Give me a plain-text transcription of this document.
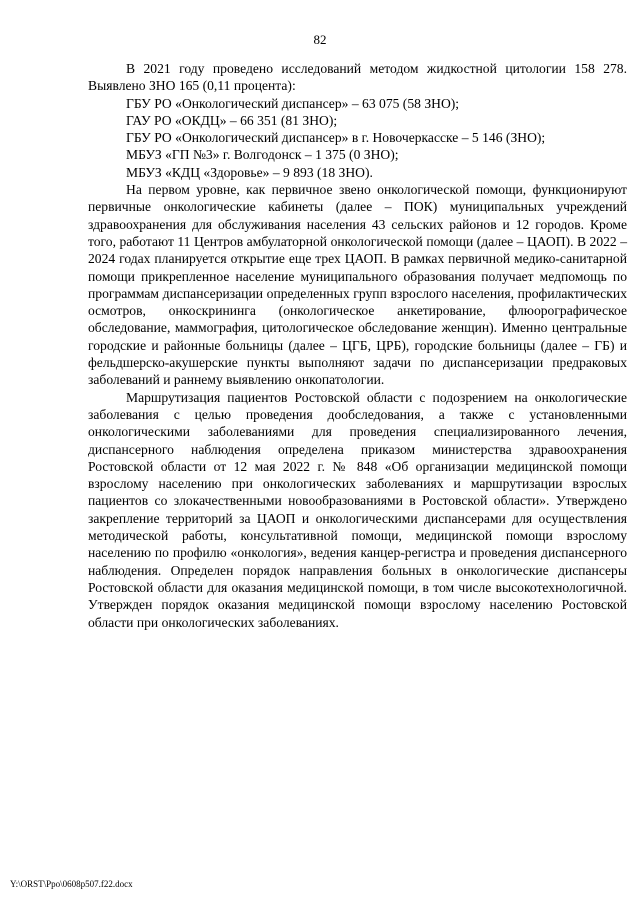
82

В 2021 году проведено исследований методом жидкостной цитологии 158 278. Выявлено ЗНО 165 (0,11 процента):

ГБУ РО «Онкологический диспансер» – 63 075 (58 ЗНО);

ГАУ РО «ОКДЦ» – 66 351 (81 ЗНО);

ГБУ РО «Онкологический диспансер» в г. Новочеркасске – 5 146 (ЗНО);

МБУЗ «ГП №3» г. Волгодонск – 1 375 (0 ЗНО);

МБУЗ «КДЦ «Здоровье» – 9 893 (18 ЗНО).

На первом уровне, как первичное звено онкологической помощи, функционируют первичные онкологические кабинеты (далее – ПОК) муниципальных учреждений здравоохранения для обслуживания населения 43 сельских районов и 12 городов. Кроме того, работают 11 Центров амбулаторной онкологической помощи (далее – ЦАОП). В 2022 – 2024 годах планируется открытие еще трех ЦАОП. В рамках первичной медико-санитарной помощи прикрепленное население муниципального образования получает медпомощь по программам диспансеризации определенных групп взрослого населения, профилактических осмотров, онкоскрининга (онкологическое анкетирование, флюорографическое обследование, маммография, цитологическое обследование женщин). Именно центральные городские и районные больницы (далее – ЦГБ, ЦРБ), городские больницы (далее – ГБ) и фельдшерско-акушерские пункты выполняют задачи по диспансеризации предраковых заболеваний и раннему выявлению онкопатологии.

Маршрутизация пациентов Ростовской области с подозрением на онкологические заболевания с целью проведения дообследования, а также с установленными онкологическими заболеваниями для проведения специализированного лечения, диспансерного наблюдения определена приказом министерства здравоохранения Ростовской области от 12 мая 2022 г. № 848 «Об организации медицинской помощи взрослому населению при онкологических заболеваниях и маршрутизации взрослых пациентов со злокачественными новообразованиями в Ростовской области». Утверждено закрепление территорий за ЦАОП и онкологическими диспансерами для осуществления методической работы, консультативной помощи, медицинской помощи взрослому населению по профилю «онкология», ведения канцер-регистра и проведения диспансерного наблюдения. Определен порядок направления больных в онкологические диспансеры Ростовской области для оказания медицинской помощи, в том числе высокотехнологичной. Утвержден порядок оказания медицинской помощи взрослому населению Ростовской области при онкологических заболеваниях.

Y:\ORST\Ppo\0608p507.f22.docx
